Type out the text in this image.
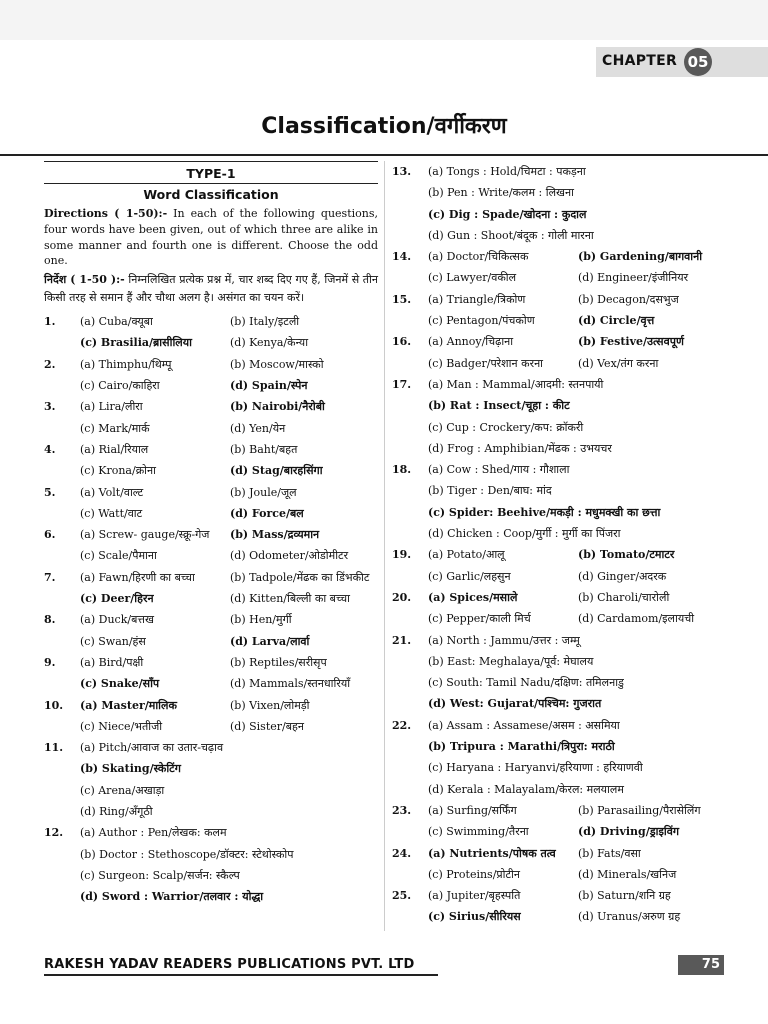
CHAPTER 05
Classification/वर्गीकरण
TYPE-1
Word Classification
Directions ( 1-50):- In each of the following questions, four words have been given, out of which three are alike in some manner and fourth one is different. Choose the odd one.
निर्देश ( 1-50 ):- निम्नलिखित प्रत्येक प्रश्न में, चार शब्द दिए गए हैं, जिनमें से तीन किसी तरह से समान हैं और चौथा अलग है। असंगत का चयन करें।
1.	(a) Cuba/क्यूबा	(b) Italy/इटली
(c) Brasilia/ब्रासीलिया	(d) Kenya/केन्या
2.	(a) Thimphu/थिम्पू	(b) Moscow/मास्को
(c) Cairo/काहिरा	(d) Spain/स्पेन
3.	(a) Lira/लीरा	(b) Nairobi/नैरोबी
(c) Mark/मार्क	(d) Yen/येन
4.	(a) Rial/रियाल	(b) Baht/बहत
(c) Krona/क्रोना	(d) Stag/बारहसिंगा
5.	(a) Volt/वाल्ट	(b) Joule/जूल
(c) Watt/वाट	(d) Force/बल
6.	(a) Screw- gauge/स्क्रू-गेज	(b) Mass/द्रव्यमान
(c) Scale/पैमाना	(d) Odometer/ओडोमीटर
7.	(a) Fawn/हिरणी का बच्चा	(b) Tadpole/मेंढक का डिंभकीट
(c) Deer/हिरन	(d) Kitten/बिल्ली का बच्चा
8.	(a) Duck/बत्तख	(b) Hen/मुर्गी
(c) Swan/हंस	(d) Larva/लार्वा
9.	(a) Bird/पक्षी	(b) Reptiles/सरीसृप
(c) Snake/साँप	(d) Mammals/स्तनधारियाँ
10.	(a) Master/मालिक	(b) Vixen/लोमड़ी
(c) Niece/भतीजी	(d) Sister/बहन
11.	(a) Pitch/आवाज का उतार-चढ़ाव
(b) Skating/स्केटिंग
(c) Arena/अखाड़ा
(d) Ring/अँगूठी
12.	(a) Author : Pen/लेखक: कलम
(b) Doctor : Stethoscope/डॉक्टर: स्टेथोस्कोप
(c) Surgeon: Scalp/सर्जन: स्कैल्प
(d) Sword : Warrior/तलवार : योद्धा
13.	(a) Tongs : Hold/चिमटा : पकड़ना
(b) Pen : Write/कलम : लिखना
(c) Dig : Spade/खोदना : कुदाल
(d) Gun : Shoot/बंदूक : गोली मारना
14.	(a) Doctor/चिकित्सक	(b) Gardening/बागवानी
(c) Lawyer/वकील	(d) Engineer/इंजीनियर
15.	(a) Triangle/त्रिकोण	(b) Decagon/दसभुज
(c) Pentagon/पंचकोण	(d) Circle/वृत्त
16.	(a) Annoy/चिढ़ाना	(b) Festive/उत्सवपूर्ण
(c) Badger/परेशान करना	(d) Vex/तंग करना
17.	(a) Man : Mammal/आदमी: स्तनपायी
(b) Rat : Insect/चूहा : कीट
(c) Cup : Crockery/कप: क्रॉकरी
(d) Frog : Amphibian/मेंढक : उभयचर
18.	(a) Cow : Shed/गाय : गौशाला
(b) Tiger : Den/बाघ: मांद
(c) Spider: Beehive/मकड़ी : मधुमक्खी का छत्ता
(d) Chicken : Coop/मुर्गी : मुर्गी का पिंजरा
19.	(a) Potato/आलू	(b) Tomato/टमाटर
(c) Garlic/लहसुन	(d) Ginger/अदरक
20.	(a) Spices/मसाले	(b) Charoli/चारोली
(c) Pepper/काली मिर्च	(d) Cardamom/इलायची
21.	(a) North : Jammu/उत्तर : जम्मू
(b) East: Meghalaya/पूर्व: मेघालय
(c) South: Tamil Nadu/दक्षिण: तमिलनाडु
(d) West: Gujarat/पश्चिम: गुजरात
22.	(a) Assam : Assamese/असम : असमिया
(b) Tripura : Marathi/त्रिपुरा: मराठी
(c) Haryana : Haryanvi/हरियाणा : हरियाणवी
(d) Kerala : Malayalam/केरल: मलयालम
23.	(a) Surfing/सर्फिंग	(b) Parasailing/पैरासेलिंग
(c) Swimming/तैरना	(d) Driving/ड्राइविंग
24.	(a) Nutrients/पोषक तत्व	(b) Fats/वसा
(c) Proteins/प्रोटीन	(d) Minerals/खनिज
25.	(a) Jupiter/बृहस्पति	(b) Saturn/शनि ग्रह
(c) Sirius/सीरियस	(d) Uranus/अरुण ग्रह
RAKESH YADAV READERS PUBLICATIONS PVT. LTD	75
